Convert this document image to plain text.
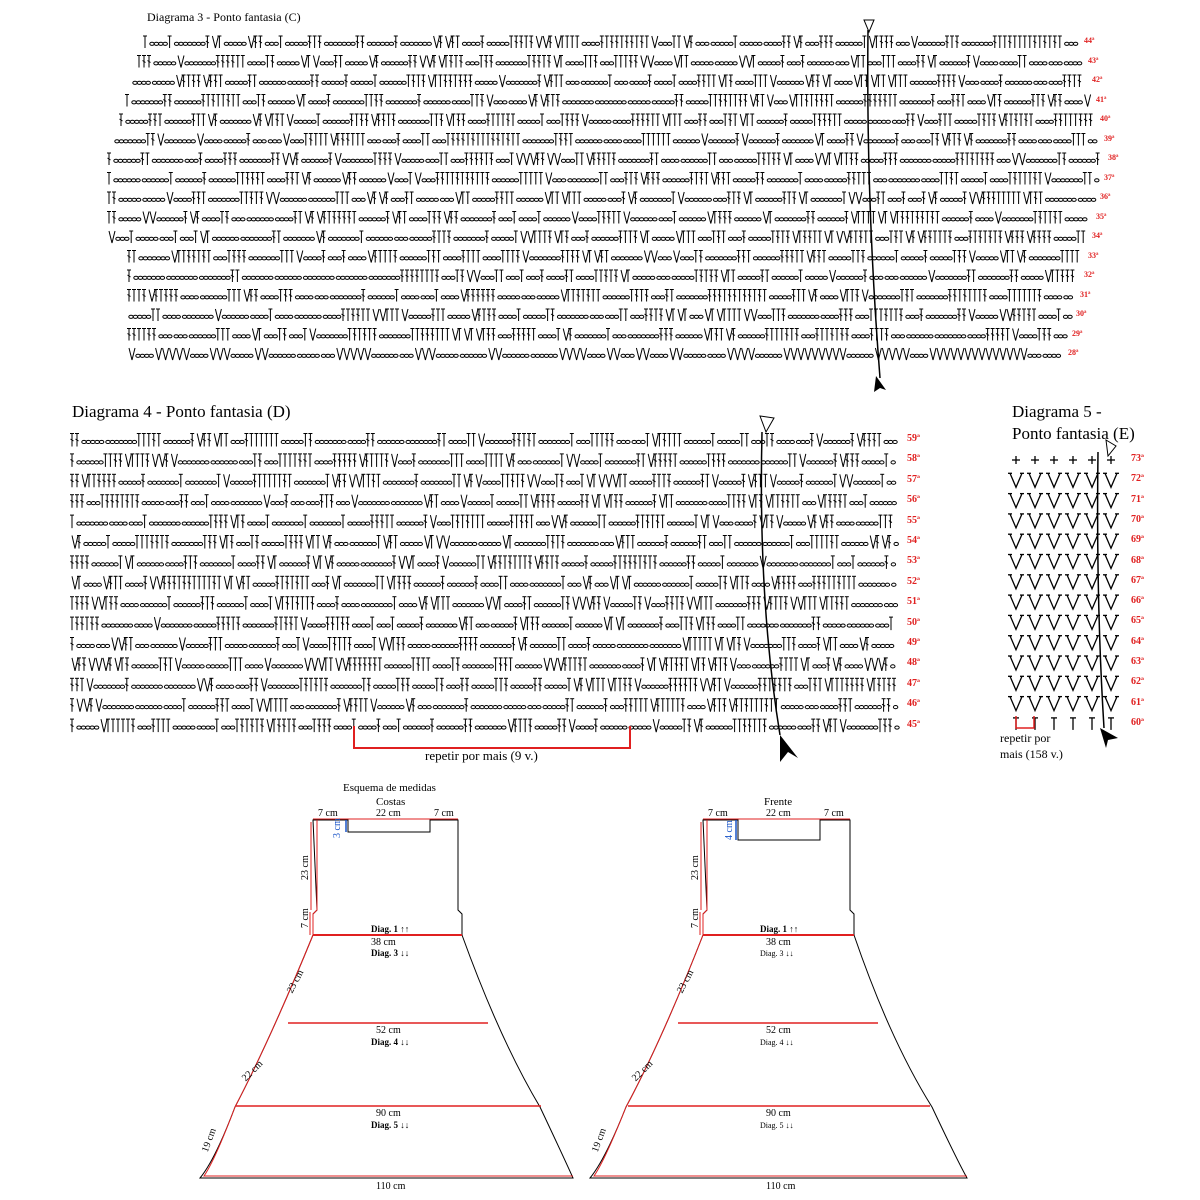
Diagrama 3 - Ponto fantasia (C)
44ª
43ª
42ª
41ª
40ª
39ª
38ª
37ª
36ª
35ª
34ª
33ª
32ª
31ª
30ª
29ª
28ª
Diagrama 4 - Ponto fantasia (D)
59ª
58ª
57ª
56ª
55ª
54ª
53ª
52ª
51ª
50ª
49ª
48ª
47ª
46ª
45ª
repetir por mais (9 v.)
Diagrama 5 -
Ponto fantasia (E)
73ª
72ª
71ª
70ª
69ª
68ª
67ª
66ª
65ª
64ª
63ª
62ª
61ª
60ª
repetir por
mais (158 v.)
Esquema de medidas
Costas	Frente
7 cm	22 cm	7 cm
3 cm
23 cm
7 cm
Diag. 1 ↑↑
38 cm
Diag. 3 ↓↓
23 cm
52 cm
Diag. 4 ↓↓
22 cm
90 cm
Diag. 5 ↓↓
19 cm
110 cm
7 cm	22 cm	7 cm
4 cm
23 cm
7 cm
Diag. 1 ↑↑
38 cm
Diag. 3 ↓↓
23 cm
52 cm
Diag. 4 ↓↓
22 cm
90 cm
Diag. 5 ↓↓
19 cm
110 cm
